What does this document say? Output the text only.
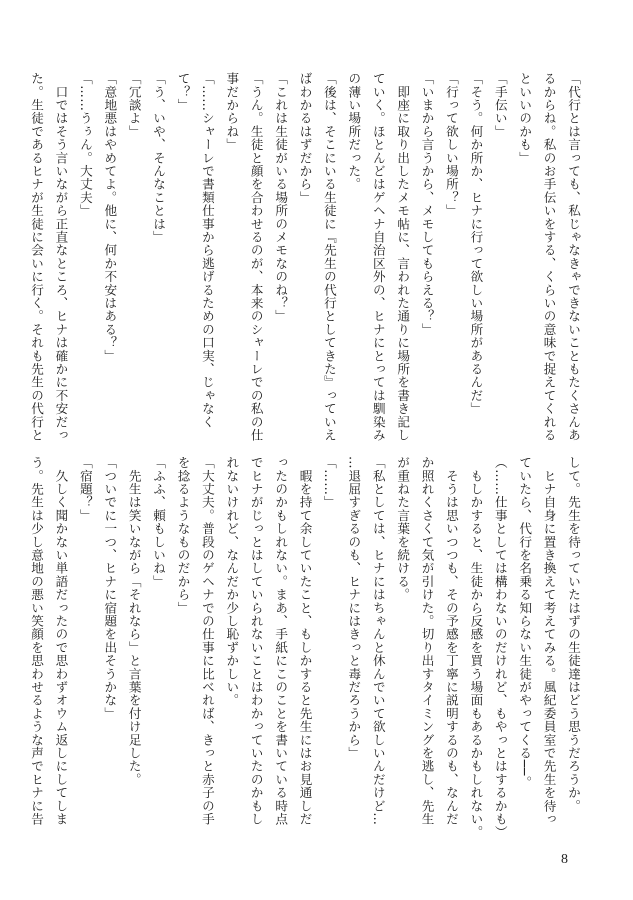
「代行とは言っても、私じゃなきゃできないこともたくさんあ
るからね。私のお手伝いをする、くらいの意味で捉えてくれる
といいのかも」
「手伝い」
「そう。何か所か、ヒナに行って欲しい場所があるんだ」
「行って欲しい場所？」
「いまから言うから、メモしてもらえる？」
　即座に取り出したメモ帖に、言われた通りに場所を書き記し
ていく。ほとんどはゲヘナ自治区外の、ヒナにとっては馴染み
の薄い場所だった。
「後は、そこにいる生徒に『先生の代行としてきた』っていえ
ばわかるはずだから」
「これは生徒がいる場所のメモなのね？」
「うん。生徒と顔を合わせるのが、本来のシャーレでの私の仕
事だからね」
「……シャーレで書類仕事から逃げるための口実、じゃなく
て？」
「う、いや、そんなことは」
「冗談よ」
「意地悪はやめてよ。他に、何か不安はある？」
「……うぅん。大丈夫」
　口ではそう言いながら正直なところ、ヒナは確かに不安だっ
た。生徒であるヒナが生徒に会いに行く。それも先生の代行と
して。先生を待っていたはずの生徒達はどう思うだろうか。
　ヒナ自身に置き換えて考えてみる。風紀委員室で先生を待っ
ていたら、代行を名乗る知らない生徒がやってくる──。
（……仕事としては構わないのだけれど、もやっとはするかも）
　もしかすると、生徒から反感を買う場面もあるかもしれない。
　そうは思いつつも、その予感を丁寧に説明するのも、なんだ
か照れくさくて気が引けた。切り出すタイミングを逃し、先生
が重ねた言葉を続ける。
「私としては、ヒナにはちゃんと休んでいて欲しいんだけど…
…退屈すぎるのも、ヒナにはきっと毒だろうから」
「……」
　暇を持て余していたこと、もしかすると先生にはお見通しだ
ったのかもしれない。まあ、手紙にこのことを書いている時点
でヒナがじっとはしていられないことはわかっていたのかもし
れないけれど、なんだか少し恥ずかしい。
「大丈夫。普段のゲヘナでの仕事に比べれば、きっと赤子の手
を捻るようなものだから」
「ふふ、頼もしいね」
　先生は笑いながら「それなら」と言葉を付け足した。
「ついでに一つ、ヒナに宿題を出そうかな」
「宿題？」
　久しく聞かない単語だったので思わずオウム返しにしてしま
う。先生は少し意地の悪い笑顔を思わせるような声でヒナに告
8
